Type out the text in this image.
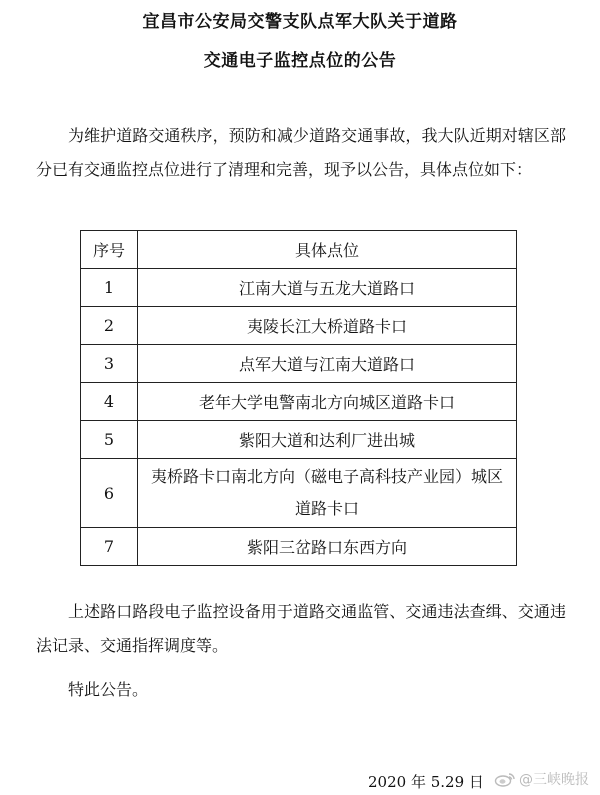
宜昌市公安局交警支队点军大队关于道路
交通电子监控点位的公告

为维护道路交通秩序，预防和减少道路交通事故，我大队近期对辖区部分已有交通监控点位进行了清理和完善，现予以公告，具体点位如下：

序号	具体点位
1	江南大道与五龙大道路口
2	夷陵长江大桥道路卡口
3	点军大道与江南大道路口
4	老年大学电警南北方向城区道路卡口
5	紫阳大道和达利厂进出城
6	夷桥路卡口南北方向（磁电子高科技产业园）城区道路卡口
7	紫阳三岔路口东西方向

上述路口路段电子监控设备用于道路交通监管、交通违法查缉、交通违法记录、交通指挥调度等。

特此公告。

2020 年 5.29 日	@三峡晚报
